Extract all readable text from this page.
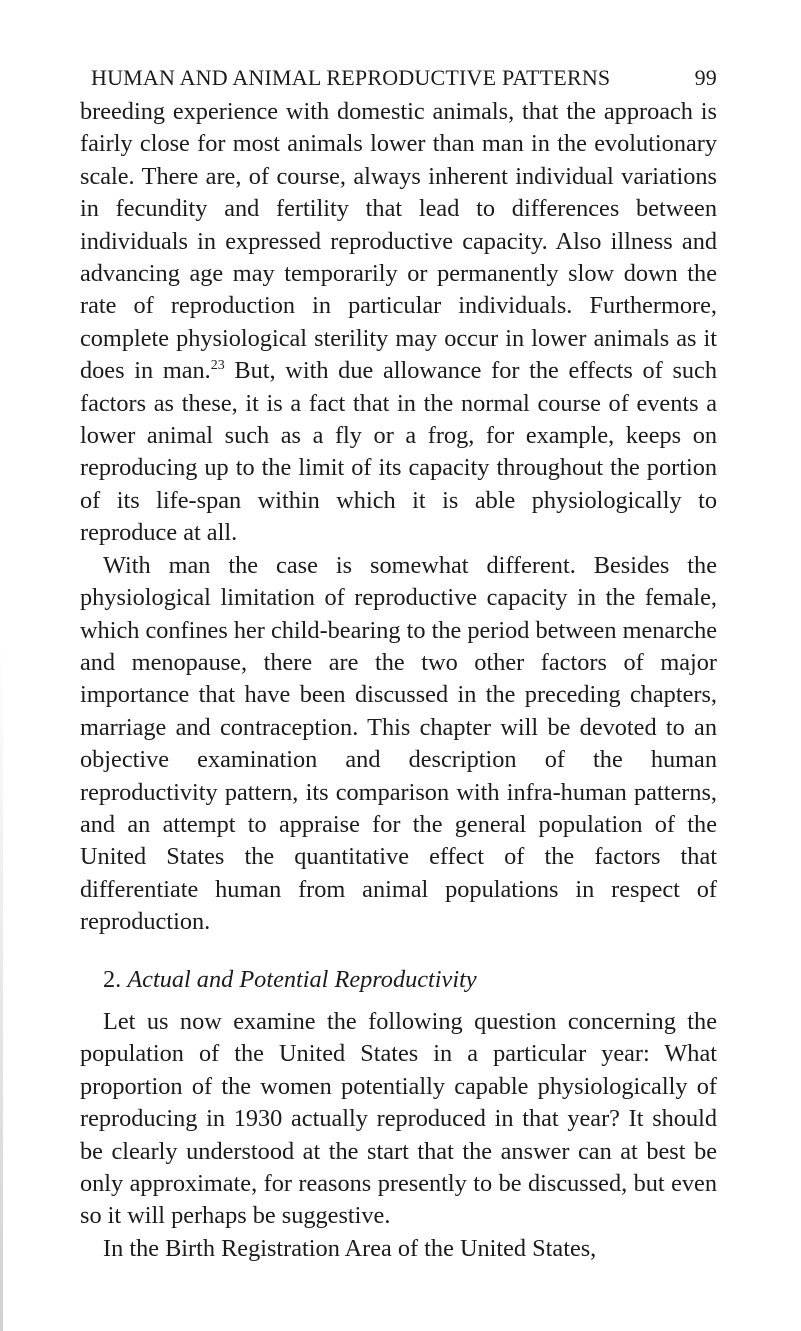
HUMAN AND ANIMAL REPRODUCTIVE PATTERNS	99

breeding experience with domestic animals, that the approach is fairly close for most animals lower than man in the evolutionary scale. There are, of course, always inherent individual variations in fecundity and fertility that lead to differences between individuals in expressed reproductive capacity. Also illness and advancing age may temporarily or permanently slow down the rate of reproduction in particular individuals. Furthermore, complete physiological sterility may occur in lower animals as it does in man.$^{23}$ But, with due allowance for the effects of such factors as these, it is a fact that in the normal course of events a lower animal such as a fly or a frog, for example, keeps on reproducing up to the limit of its capacity throughout the portion of its life-span within which it is able physiologically to reproduce at all.

With man the case is somewhat different. Besides the physiological limitation of reproductive capacity in the female, which confines her child-bearing to the period between menarche and menopause, there are the two other factors of major importance that have been discussed in the preceding chapters, marriage and contraception. This chapter will be devoted to an objective examination and description of the human reproductivity pattern, its comparison with infra-human patterns, and an attempt to appraise for the general population of the United States the quantitative effect of the factors that differentiate human from animal populations in respect of reproduction.

2. Actual and Potential Reproductivity

Let us now examine the following question concerning the population of the United States in a particular year: What proportion of the women potentially capable physiologically of reproducing in 1930 actually reproduced in that year? It should be clearly understood at the start that the answer can at best be only approximate, for reasons presently to be discussed, but even so it will perhaps be suggestive.

In the Birth Registration Area of the United States,
